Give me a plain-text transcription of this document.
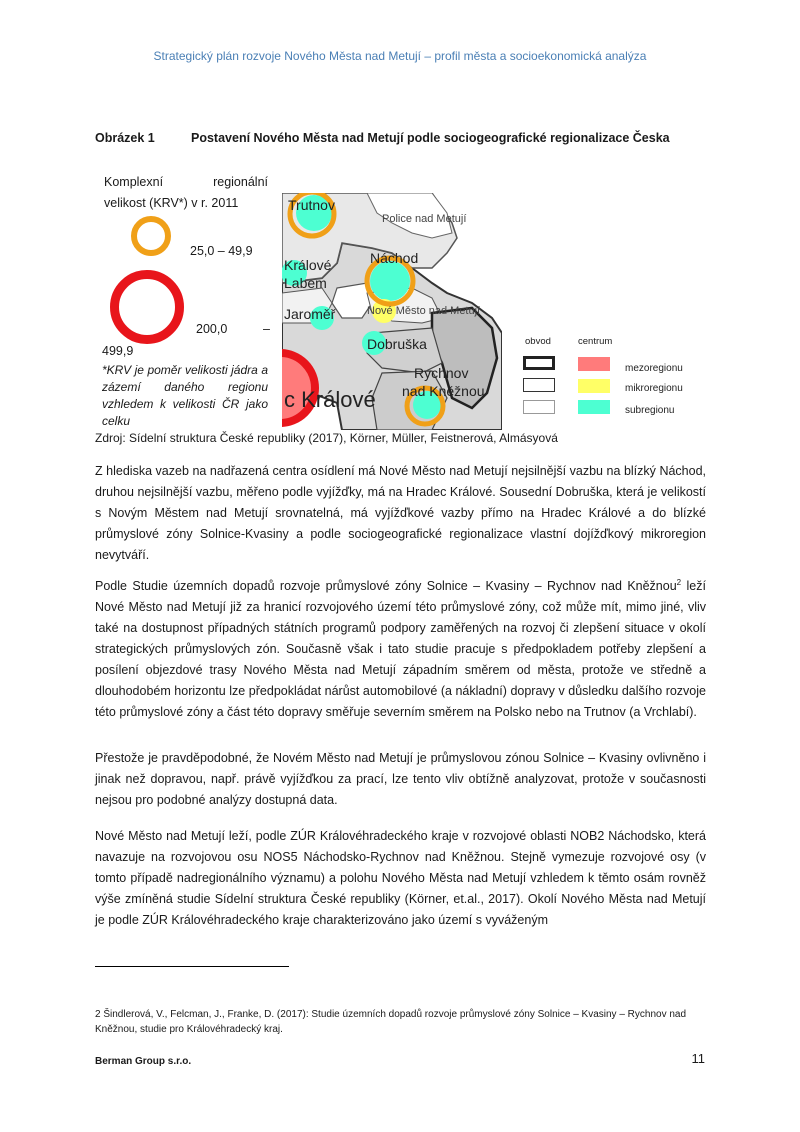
Strategický plán rozvoje Nového Města nad Metují – profil města a socioekonomická analýza
Obrázek 1	Postavení Nového Města nad Metují podle sociogeografické regionalizace Česka
Komplexní regionální
velikost (KRV*) v r. 2011
25,0 – 49,9
200,0 –
499,9
*KRV je poměr velikosti jádra a zázemí daného regionu vzhledem k velikosti ČR jako celku
Trutnov
Police nad Metují
Králové
Labem
Náchod
Jaroměř	Nové Město nad Metují
Dobruška
Rychnov
nad Kněžnou
c Králové
obvod	centrum
mezoregionu
mikroregionu
subregionu
Zdroj: Sídelní struktura České republiky (2017), Körner, Müller, Feistnerová, Almásyová

Z hlediska vazeb na nadřazená centra osídlení má Nové Město nad Metují nejsilnější vazbu na blízký Náchod, druhou nejsilnější vazbu, měřeno podle vyjížďky, má na Hradec Králové. Sousední Dobruška, která je velikostí s Novým Městem nad Metují srovnatelná, má vyjížďkové vazby přímo na Hradec Králové a do blízké průmyslové zóny Solnice-Kvasiny a podle sociogeografické regionalizace vlastní dojížďkový mikroregion nevytváří.

Podle Studie územních dopadů rozvoje průmyslové zóny Solnice – Kvasiny – Rychnov nad Kněžnou$^2$ leží Nové Město nad Metují již za hranicí rozvojového území této průmyslové zóny, což může mít, mimo jiné, vliv také na dostupnost případných státních programů podpory zaměřených na rozvoj či zlepšení situace v okolí strategických průmyslových zón. Současně však i tato studie pracuje s předpokladem potřeby zlepšení a posílení objezdové trasy Nového Města nad Metují západním směrem od města, protože ve středně a dlouhodobém horizontu lze předpokládat nárůst automobilové (a nákladní) dopravy v důsledku dalšího rozvoje této průmyslové zóny a část této dopravy směřuje severním směrem na Polsko nebo na Trutnov (a Vrchlabí).

Přestože je pravděpodobné, že Novém Město nad Metují je průmyslovou zónou Solnice – Kvasiny ovlivněno i jinak než dopravou, např. právě vyjížďkou za prací, lze tento vliv obtížně analyzovat, protože v současnosti nejsou pro podobné analýzy dostupná data.

Nové Město nad Metují leží, podle ZÚR Královéhradeckého kraje v rozvojové oblasti NOB2 Náchodsko, která navazuje na rozvojovou osu NOS5 Náchodsko-Rychnov nad Kněžnou. Stejně vymezuje rozvojové osy (v tomto případě nadregionálního významu) a polohu Nového Města nad Metují vzhledem k těmto osám rovněž výše zmíněná studie Sídelní struktura České republiky (Körner, et.al., 2017). Okolí Nového Města nad Metují je podle ZÚR Královéhradeckého kraje charakterizováno jako území s vyváženým

2 Šindlerová, V., Felcman, J., Franke, D. (2017): Studie územních dopadů rozvoje průmyslové zóny Solnice – Kvasiny – Rychnov nad Kněžnou, studie pro Královéhradecký kraj.
Berman Group s.r.o.	11
